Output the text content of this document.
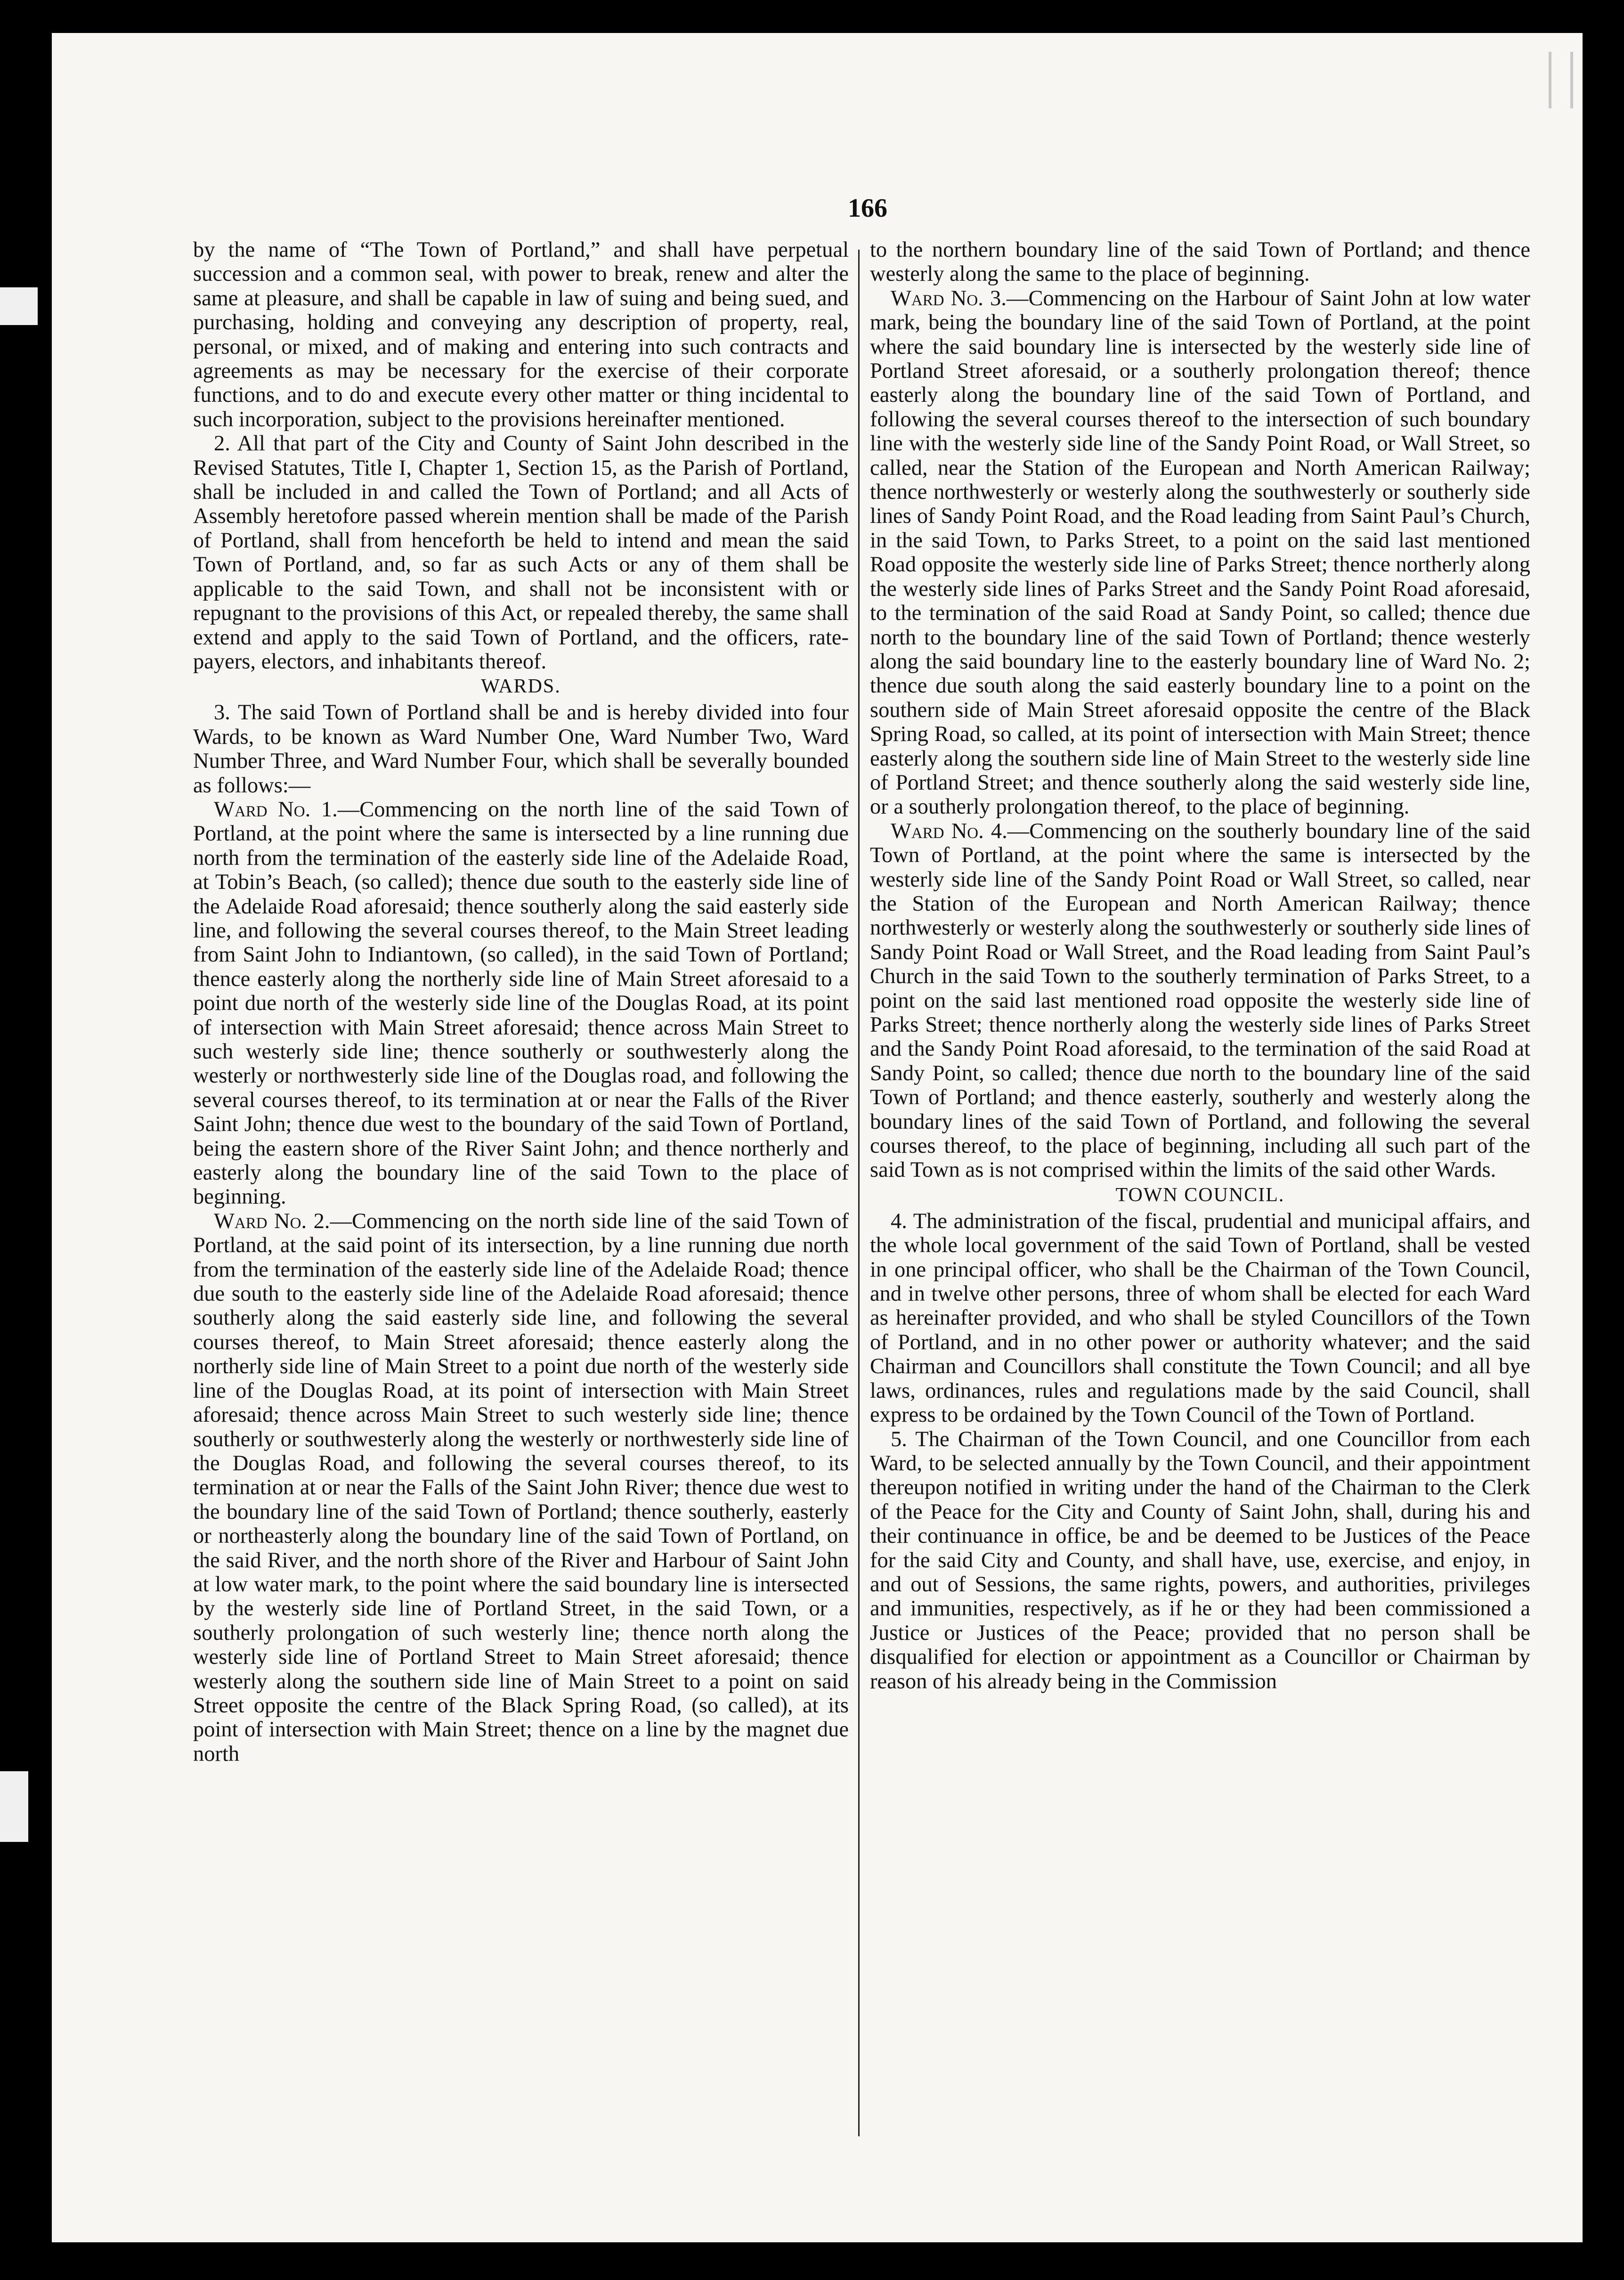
166

by the name of “The Town of Portland,” and shall have perpetual succession and a common seal, with power to break, renew and alter the same at pleasure, and shall be capable in law of suing and being sued, and purchasing, holding and conveying any description of property, real, personal, or mixed, and of making and entering into such contracts and agreements as may be necessary for the exercise of their corporate functions, and to do and execute every other matter or thing incidental to such incorporation, subject to the provisions hereinafter mentioned.

2. All that part of the City and County of Saint John described in the Revised Statutes, Title I, Chapter 1, Section 15, as the Parish of Portland, shall be included in and called the Town of Portland; and all Acts of Assembly heretofore passed wherein mention shall be made of the Parish of Portland, shall from henceforth be held to intend and mean the said Town of Portland, and, so far as such Acts or any of them shall be applicable to the said Town, and shall not be inconsistent with or repugnant to the provisions of this Act, or repealed thereby, the same shall extend and apply to the said Town of Portland, and the officers, rate-payers, electors, and inhabitants thereof.

WARDS.

3. The said Town of Portland shall be and is hereby divided into four Wards, to be known as Ward Number One, Ward Number Two, Ward Number Three, and Ward Number Four, which shall be severally bounded as follows:—

Ward No. 1.—Commencing on the north line of the said Town of Portland, at the point where the same is intersected by a line running due north from the termination of the easterly side line of the Adelaide Road, at Tobin’s Beach, (so called); thence due south to the easterly side line of the Adelaide Road aforesaid; thence southerly along the said easterly side line, and following the several courses thereof, to the Main Street leading from Saint John to Indiantown, (so called), in the said Town of Portland; thence easterly along the northerly side line of Main Street aforesaid to a point due north of the westerly side line of the Douglas Road, at its point of intersection with Main Street aforesaid; thence across Main Street to such westerly side line; thence southerly or southwesterly along the westerly or northwesterly side line of the Douglas road, and following the several courses thereof, to its termination at or near the Falls of the River Saint John; thence due west to the boundary of the said Town of Portland, being the eastern shore of the River Saint John; and thence northerly and easterly along the boundary line of the said Town to the place of beginning.

Ward No. 2.—Commencing on the north side line of the said Town of Portland, at the said point of its intersection, by a line running due north from the termination of the easterly side line of the Adelaide Road; thence due south to the easterly side line of the Adelaide Road aforesaid; thence southerly along the said easterly side line, and following the several courses thereof, to Main Street aforesaid; thence easterly along the northerly side line of Main Street to a point due north of the westerly side line of the Douglas Road, at its point of intersection with Main Street aforesaid; thence across Main Street to such westerly side line; thence southerly or southwesterly along the westerly or northwesterly side line of the Douglas Road, and following the several courses thereof, to its termination at or near the Falls of the Saint John River; thence due west to the boundary line of the said Town of Portland; thence southerly, easterly or northeasterly along the boundary line of the said Town of Portland, on the said River, and the north shore of the River and Harbour of Saint John at low water mark, to the point where the said boundary line is intersected by the westerly side line of Portland Street, in the said Town, or a southerly prolongation of such westerly line; thence north along the westerly side line of Portland Street to Main Street aforesaid; thence westerly along the southern side line of Main Street to a point on said Street opposite the centre of the Black Spring Road, (so called), at its point of intersection with Main Street; thence on a line by the magnet due north

to the northern boundary line of the said Town of Portland; and thence westerly along the same to the place of beginning.

Ward No. 3.—Commencing on the Harbour of Saint John at low water mark, being the boundary line of the said Town of Portland, at the point where the said boundary line is intersected by the westerly side line of Portland Street aforesaid, or a southerly prolongation thereof; thence easterly along the boundary line of the said Town of Portland, and following the several courses thereof to the intersection of such boundary line with the westerly side line of the Sandy Point Road, or Wall Street, so called, near the Station of the European and North American Railway; thence northwesterly or westerly along the southwesterly or southerly side lines of Sandy Point Road, and the Road leading from Saint Paul’s Church, in the said Town, to Parks Street, to a point on the said last mentioned Road opposite the westerly side line of Parks Street; thence northerly along the westerly side lines of Parks Street and the Sandy Point Road aforesaid, to the termination of the said Road at Sandy Point, so called; thence due north to the boundary line of the said Town of Portland; thence westerly along the said boundary line to the easterly boundary line of Ward No. 2; thence due south along the said easterly boundary line to a point on the southern side of Main Street aforesaid opposite the centre of the Black Spring Road, so called, at its point of intersection with Main Street; thence easterly along the southern side line of Main Street to the westerly side line of Portland Street; and thence southerly along the said westerly side line, or a southerly prolongation thereof, to the place of beginning.

Ward No. 4.—Commencing on the southerly boundary line of the said Town of Portland, at the point where the same is intersected by the westerly side line of the Sandy Point Road or Wall Street, so called, near the Station of the European and North American Railway; thence northwesterly or westerly along the southwesterly or southerly side lines of Sandy Point Road or Wall Street, and the Road leading from Saint Paul’s Church in the said Town to the southerly termination of Parks Street, to a point on the said last mentioned road opposite the westerly side line of Parks Street; thence northerly along the westerly side lines of Parks Street and the Sandy Point Road aforesaid, to the termination of the said Road at Sandy Point, so called; thence due north to the boundary line of the said Town of Portland; and thence easterly, southerly and westerly along the boundary lines of the said Town of Portland, and following the several courses thereof, to the place of beginning, including all such part of the said Town as is not comprised within the limits of the said other Wards.

TOWN COUNCIL.

4. The administration of the fiscal, prudential and municipal affairs, and the whole local government of the said Town of Portland, shall be vested in one principal officer, who shall be the Chairman of the Town Council, and in twelve other persons, three of whom shall be elected for each Ward as hereinafter provided, and who shall be styled Councillors of the Town of Portland, and in no other power or authority whatever; and the said Chairman and Councillors shall constitute the Town Council; and all bye laws, ordinances, rules and regulations made by the said Council, shall express to be ordained by the Town Council of the Town of Portland.

5. The Chairman of the Town Council, and one Councillor from each Ward, to be selected annually by the Town Council, and their appointment thereupon notified in writing under the hand of the Chairman to the Clerk of the Peace for the City and County of Saint John, shall, during his and their continuance in office, be and be deemed to be Justices of the Peace for the said City and County, and shall have, use, exercise, and enjoy, in and out of Sessions, the same rights, powers, and authorities, privileges and immunities, respectively, as if he or they had been commissioned a Justice or Justices of the Peace; provided that no person shall be disqualified for election or appointment as a Councillor or Chairman by reason of his already being in the Commission
